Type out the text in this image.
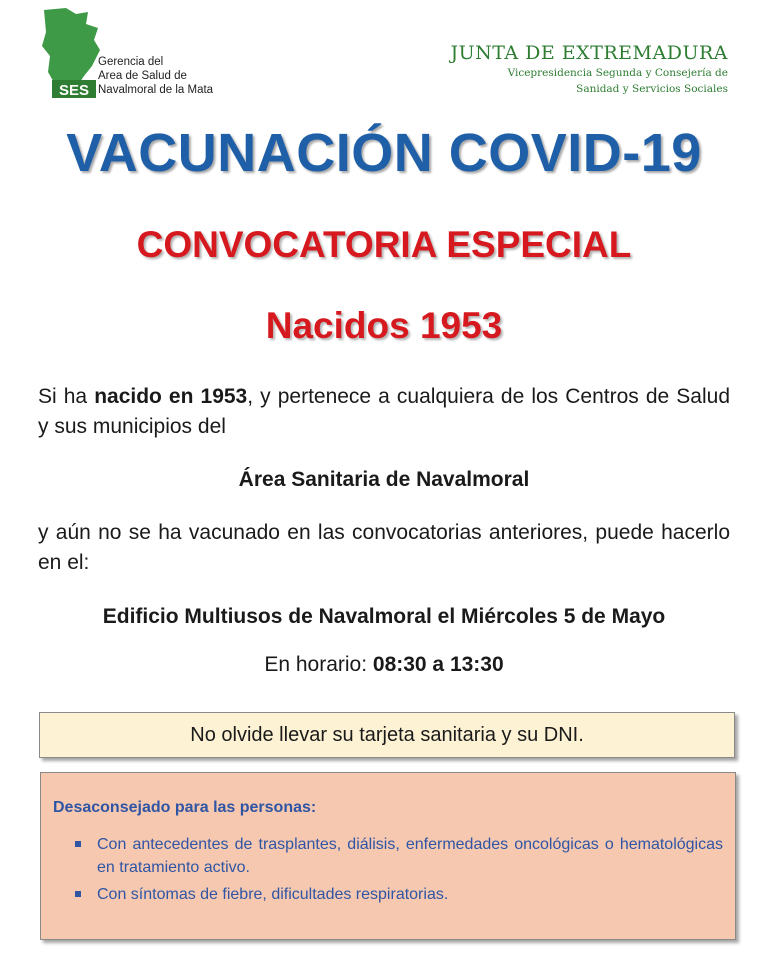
SES
Gerencia del
Area de Salud de
Navalmoral de la Mata
JUNTA DE EXTREMADURA
Vicepresidencia Segunda y Consejería de
Sanidad y Servicios Sociales
VACUNACIÓN COVID-19
CONVOCATORIA ESPECIAL
Nacidos 1953
Si ha nacido en 1953, y pertenece a cualquiera de los Centros de Salud y sus municipios del
Área Sanitaria de Navalmoral
y aún no se ha vacunado en las convocatorias anteriores, puede hacerlo en el:
Edificio Multiusos de Navalmoral el Miércoles 5 de Mayo
En horario: 08:30 a 13:30
No olvide llevar su tarjeta sanitaria y su DNI.
Desaconsejado para las personas:
Con antecedentes de trasplantes, diálisis, enfermedades oncológicas o hematológicas en tratamiento activo.
Con síntomas de fiebre, dificultades respiratorias.
